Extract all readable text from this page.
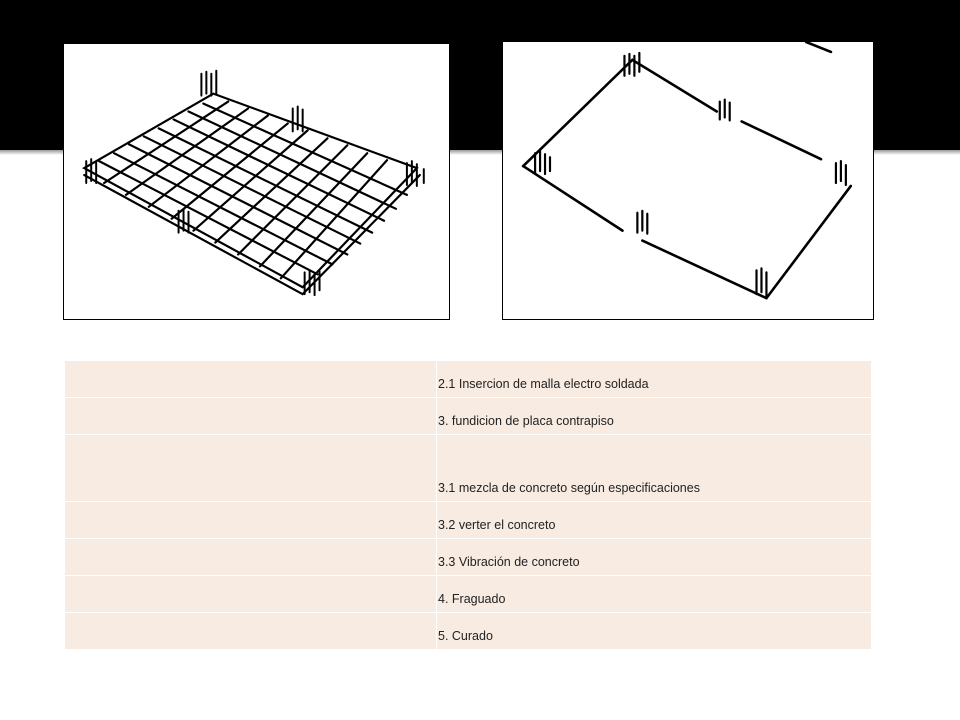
	2.1 Insercion de malla electro soldada
	3. fundicion de placa contrapiso
	3.1 mezcla de concreto según especificaciones
	3.2 verter el concreto
	3.3 Vibración de concreto
	4. Fraguado
	5. Curado
